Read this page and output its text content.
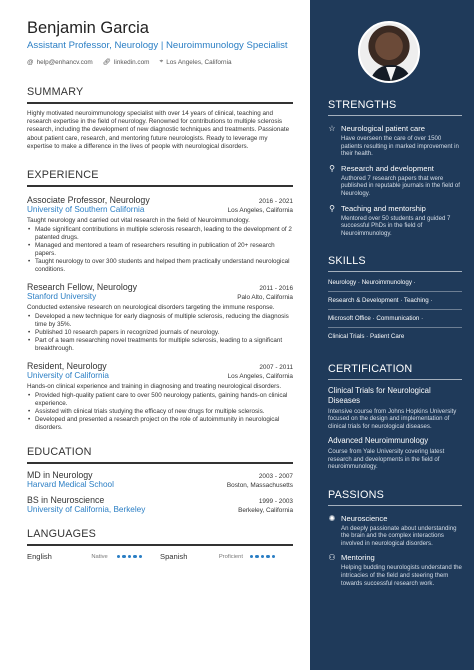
Benjamin Garcia
Assistant Professor, Neurology | Neuroimmunology Specialist
@ help@enhancv.com 🔗︎ linkedin.com ⌖ Los Angeles, California
SUMMARY
Highly motivated neuroimmunology specialist with over 14 years of clinical, teaching and research expertise in the field of neurology. Renowned for contributions to multiple sclerosis research, including the development of new diagnostic techniques and treatments. Passionate about patient care, research, and mentoring future neurologists. Ready to leverage my expertise to make a difference in the lives of people with neurological disorders.
EXPERIENCE
Associate Professor, Neurology	2016 - 2021
University of Southern California	Los Angeles, California
Taught neurology and carried out vital research in the field of Neuroimmunology.
• Made significant contributions in multiple sclerosis research, leading to the development of 2 patented drugs.
• Managed and mentored a team of researchers resulting in publication of 20+ research papers.
• Taught neurology to over 300 students and helped them practically understand neurological conditions.
Research Fellow, Neurology	2011 - 2016
Stanford University	Palo Alto, California
Conducted extensive research on neurological disorders targeting the immune response.
• Developed a new technique for early diagnosis of multiple sclerosis, reducing the diagnosis time by 35%.
• Published 10 research papers in recognized journals of neurology.
• Part of a team researching novel treatments for multiple sclerosis, leading to a significant breakthrough.
Resident, Neurology	2007 - 2011
University of California	Los Angeles, California
Hands-on clinical experience and training in diagnosing and treating neurological disorders.
• Provided high-quality patient care to over 500 neurology patients, gaining hands-on clinical experience.
• Assisted with clinical trials studying the efficacy of new drugs for multiple sclerosis.
• Developed and presented a research project on the role of autoimmunity in neurological disorders.
EDUCATION
MD in Neurology	2003 - 2007
Harvard Medical School	Boston, Massachusetts
BS in Neuroscience	1999 - 2003
University of California, Berkeley	Berkeley, California
LANGUAGES
English	Native	Spanish	Proficient
STRENGTHS
☆ Neurological patient care
Have overseen the care of over 1500 patients resulting in marked improvement in their health.
⚲ Research and development
Authored 7 research papers that were published in reputable journals in the field of Neurology.
⚲ Teaching and mentorship
Mentored over 50 students and guided 7 successful PhDs in the field of Neuroimmunology.
SKILLS
Neurology · Neuroimmunology ·
Research & Development · Teaching ·
Microsoft Office · Communication ·
Clinical Trials · Patient Care
CERTIFICATION
Clinical Trials for Neurological Diseases
Intensive course from Johns Hopkins University focused on the design and implementation of clinical trials for neurological diseases.
Advanced Neuroimmunology
Course from Yale University covering latest research and developments in the field of neuroimmunology.
PASSIONS
✺ Neuroscience
An deeply passionate about understanding the brain and the complex interactions involved in neurological disorders.
⚇ Mentoring
Helping budding neurologists understand the intricacies of the field and steering them towards successful research work.
